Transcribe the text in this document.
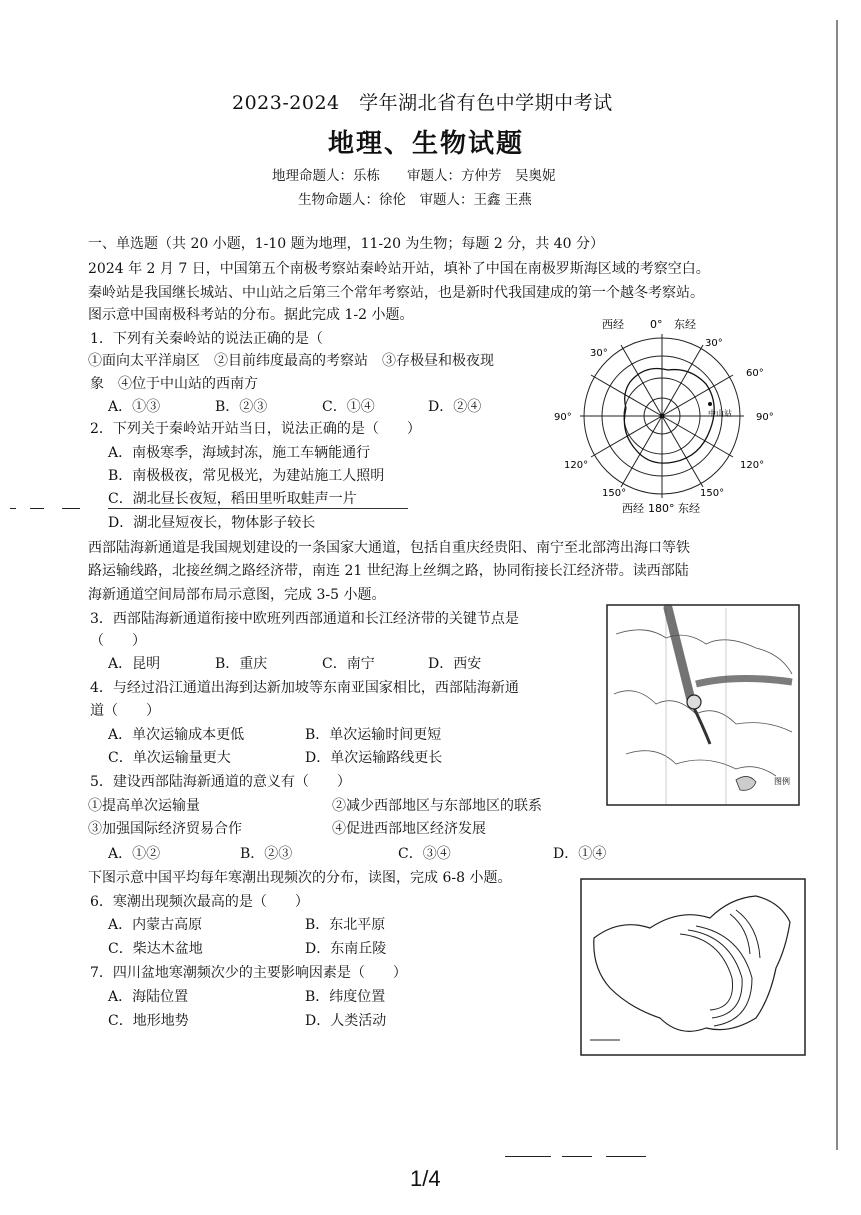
2023-2024　学年湖北省有色中学期中考试
地理、生物试题
地理命题人：乐栋　　审题人：方仲芳　吴奥妮
生物命题人：徐伦　审题人：王鑫 王燕
一、单选题（共 20 小题，1-10 题为地理，11-20 为生物；每题 2 分，共 40 分）
2024 年 2 月 7 日，中国第五个南极考察站秦岭站开站，填补了中国在南极罗斯海区域的考察空白。
秦岭站是我国继长城站、中山站之后第三个常年考察站，也是新时代我国建成的第一个越冬考察站。
图示意中国南极科考站的分布。据此完成 1-2 小题。
1．下列有关秦岭站的说法正确的是（
①面向太平洋扇区　②目前纬度最高的考察站　③存极昼和极夜现
象　④位于中山站的西南方
A．①③	B．②③	C．①④	D．②④
2．下列关于秦岭站开站当日，说法正确的是（　　）
A．南极寒季，海域封冻，施工车辆能通行
B．南极极夜，常见极光，为建站施工人照明
C．湖北昼长夜短，稻田里听取蛙声一片
D．湖北昼短夜长，物体影子较长
西部陆海新通道是我国规划建设的一条国家大通道，包括自重庆经贵阳、南宁至北部湾出海口等铁
路运输线路，北接丝绸之路经济带，南连 21 世纪海上丝绸之路，协同衔接长江经济带。读西部陆
海新通道空间局部布局示意图，完成 3-5 小题。
3．西部陆海新通道衔接中欧班列西部通道和长江经济带的关键节点是
（　　）
A．昆明	B．重庆	C．南宁	D．西安
4．与经过沿江通道出海到达新加坡等东南亚国家相比，西部陆海新通
道（　　）
A．单次运输成本更低	B．单次运输时间更短
C．单次运输量更大	D．单次运输路线更长
5．建设西部陆海新通道的意义有（　　）
①提高单次运输量	②减少西部地区与东部地区的联系
③加强国际经济贸易合作	④促进西部地区经济发展
A．①②	B．②③	C．③④	D．①④
下图示意中国平均每年寒潮出现频次的分布，读图，完成 6-8 小题。
6．寒潮出现频次最高的是（　　）
A．内蒙古高原	B．东北平原
C．柴达木盆地	D．东南丘陵
7．四川盆地寒潮频次少的主要影响因素是（　　）
A．海陆位置	B．纬度位置
C．地形地势	D．人类活动
西经 0° 东经
30°
30°
60°
90°	90°
120°	120°
150°	150°
西经 180° 东经
中山站
图例
1/4
